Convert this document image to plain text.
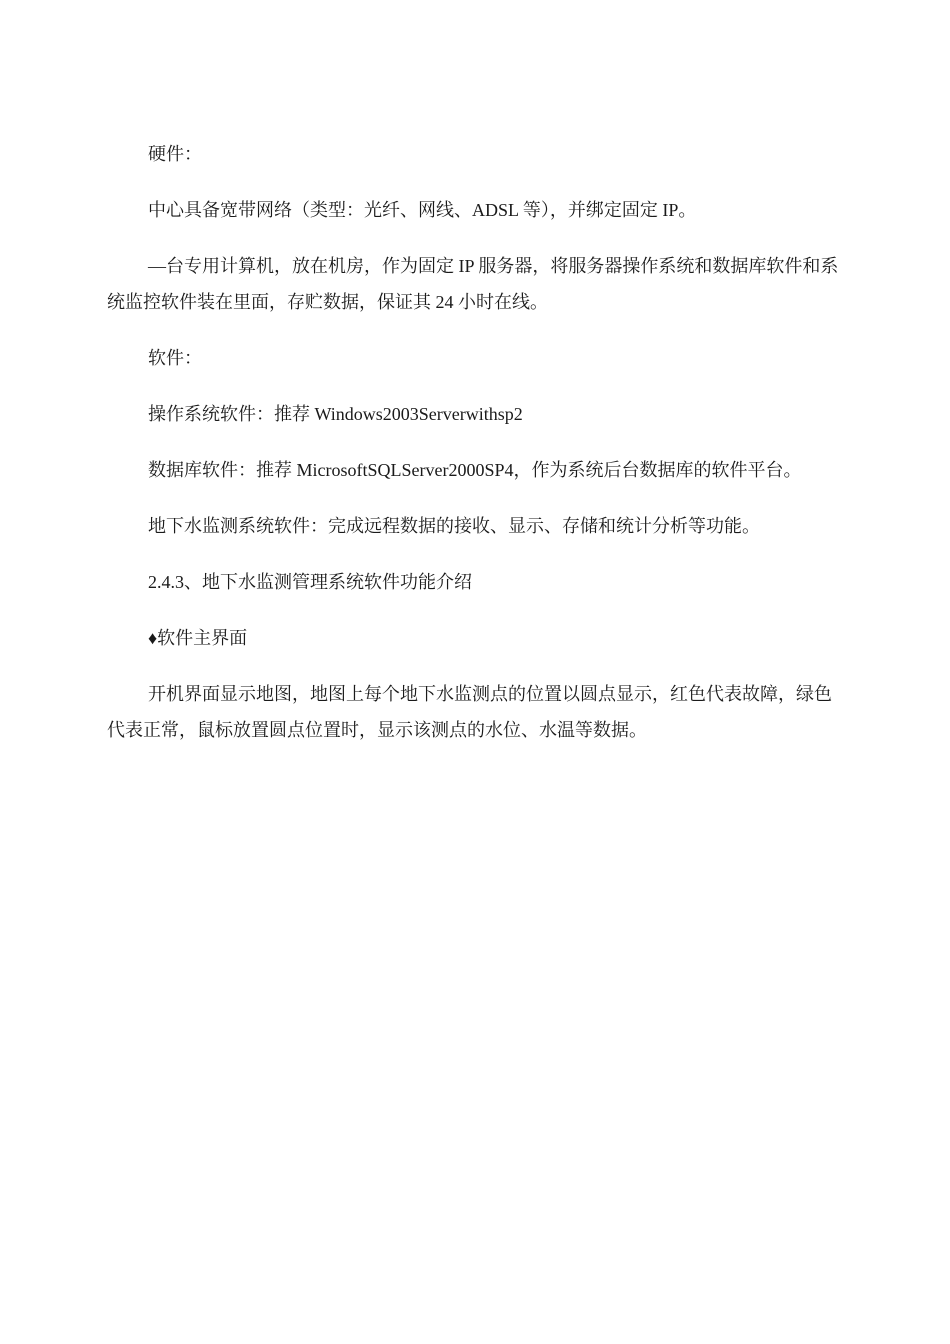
硬件：

中心具备宽带网络（类型：光纤、网线、ADSL 等），并绑定固定 IP。

—台专用计算机，放在机房，作为固定 IP 服务器，将服务器操作系统和数据库软件和系统监控软件装在里面，存贮数据，保证其 24 小时在线。

软件：

操作系统软件：推荐 Windows2003Serverwithsp2

数据库软件：推荐 MicrosoftSQLServer2000SP4，作为系统后台数据库的软件平台。

地下水监测系统软件：完成远程数据的接收、显示、存储和统计分析等功能。

2.4.3、地下水监测管理系统软件功能介绍

♦软件主界面

开机界面显示地图，地图上每个地下水监测点的位置以圆点显示，红色代表故障，绿色代表正常，鼠标放置圆点位置时，显示该测点的水位、水温等数据。
